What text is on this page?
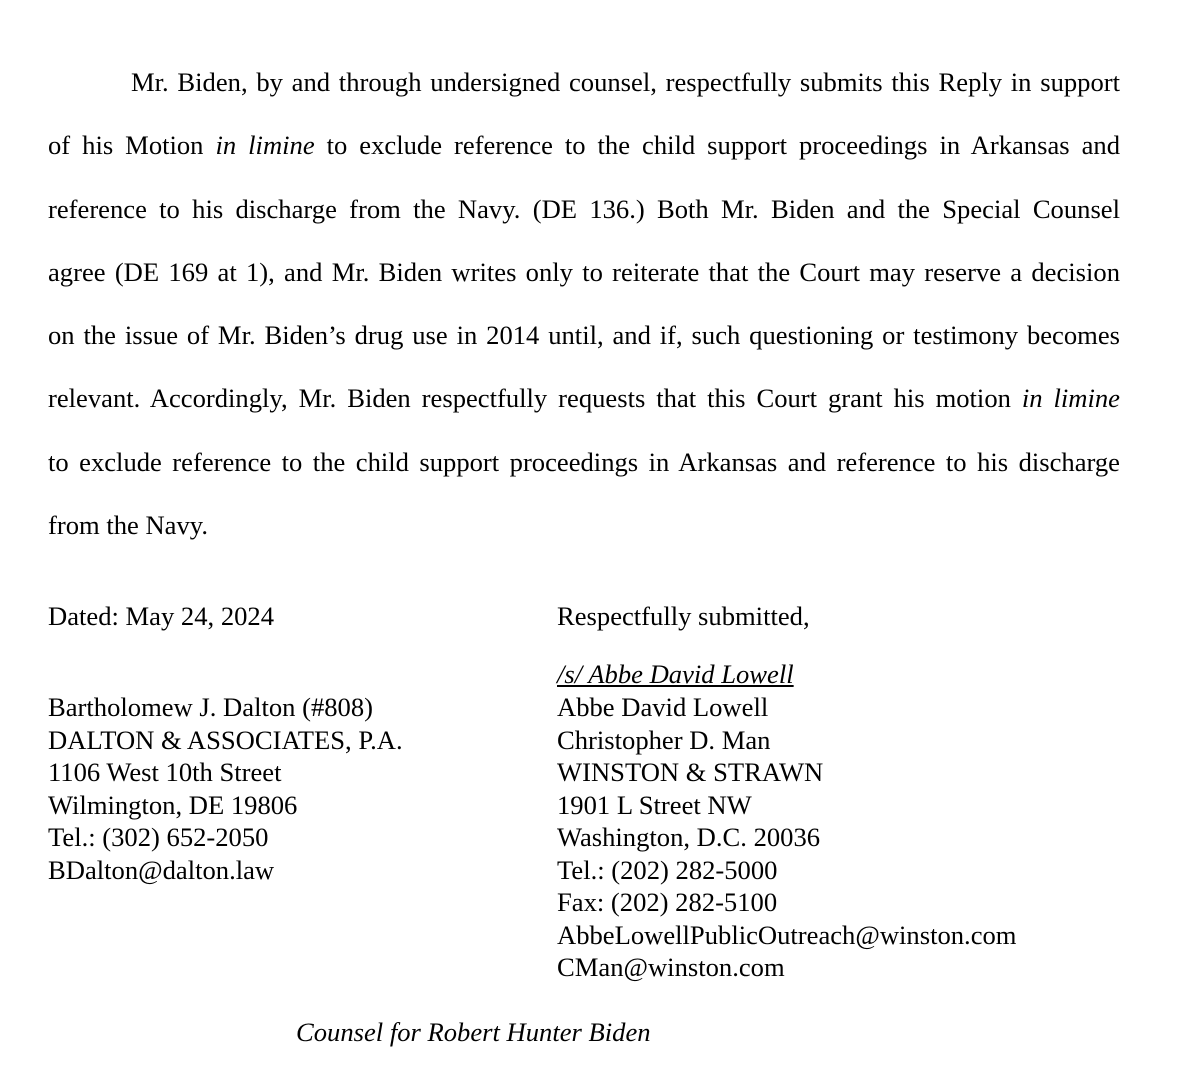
Mr. Biden, by and through undersigned counsel, respectfully submits this Reply in support
of his Motion in limine to exclude reference to the child support proceedings in Arkansas and
reference to his discharge from the Navy. (DE 136.) Both Mr. Biden and the Special Counsel
agree (DE 169 at 1), and Mr. Biden writes only to reiterate that the Court may reserve a decision
on the issue of Mr. Biden’s drug use in 2014 until, and if, such questioning or testimony becomes
relevant. Accordingly, Mr. Biden respectfully requests that this Court grant his motion in limine
to exclude reference to the child support proceedings in Arkansas and reference to his discharge
from the Navy.
Dated: May 24, 2024	Respectfully submitted,
/s/ Abbe David Lowell
Bartholomew J. Dalton (#808)
DALTON & ASSOCIATES, P.A.
1106 West 10th Street
Wilmington, DE 19806
Tel.: (302) 652-2050
BDalton@dalton.law
Abbe David Lowell
Christopher D. Man
WINSTON & STRAWN
1901 L Street NW
Washington, D.C. 20036
Tel.: (202) 282-5000
Fax: (202) 282-5100
AbbeLowellPublicOutreach@winston.com
CMan@winston.com
Counsel for Robert Hunter Biden
